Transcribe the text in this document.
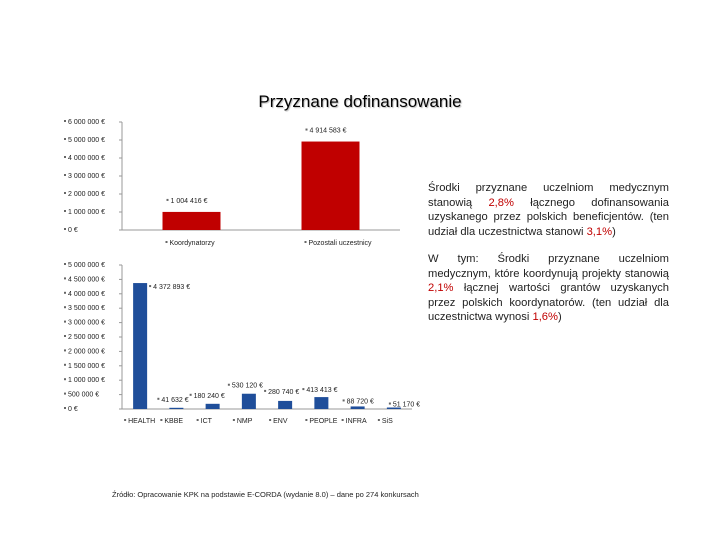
Przyznane dofinansowanie
0 €
1 000 000 €
2 000 000 €
3 000 000 €
4 000 000 €
5 000 000 €
6 000 000 €
1 004 416 €
Koordynatorzy
4 914 583 €
Pozostali uczestnicy
0 €
500 000 €
1 000 000 €
1 500 000 €
2 000 000 €
2 500 000 €
3 000 000 €
3 500 000 €
4 000 000 €
4 500 000 €
5 000 000 €
4 372 893 €
HEALTH
41 632 €
KBBE
180 240 €
ICT
530 120 €
NMP
280 740 €
ENV
413 413 €
PEOPLE
88 720 €
INFRA
51 170 €
SiS
Środki przyznane uczelniom medycznym stanowią 2,8% łącznego dofinansowania uzyskanego przez polskich beneficjentów. (ten udział dla uczestnictwa stanowi 3,1%)
W tym: Środki przyznane uczelniom medycznym, które koordynują projekty stanowią 2,1% łącznej wartości grantów uzyskanych przez polskich koordynatorów. (ten udział dla uczestnictwa wynosi 1,6%)
Źródło: Opracowanie KPK na podstawie E-CORDA (wydanie 8.0) – dane po 274 konkursach
